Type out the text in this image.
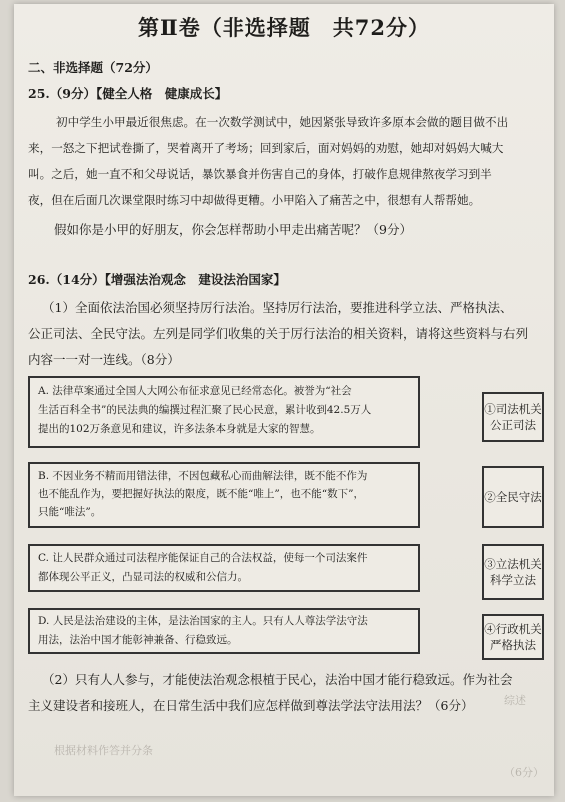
第Ⅱ卷（非选择题　共72分）
二、非选择题（72分）
25.（9分）【健全人格　健康成长】
初中学生小甲最近很焦虑。在一次数学测试中，她因紧张导致许多原本会做的题目做不出
来，一怒之下把试卷撕了，哭着离开了考场；回到家后，面对妈妈的劝慰，她却对妈妈大喊大
叫。之后，她一直不和父母说话，暴饮暴食并伤害自己的身体，打破作息规律熬夜学习到半
夜，但在后面几次课堂限时练习中却做得更糟。小甲陷入了痛苦之中，很想有人帮帮她。
假如你是小甲的好朋友，你会怎样帮助小甲走出痛苦呢？（9分）
26.（14分）【增强法治观念　建设法治国家】
（1）全面依法治国必须坚持厉行法治。坚持厉行法治，要推进科学立法、严格执法、
公正司法、全民守法。左列是同学们收集的关于厉行法治的相关资料，请将这些资料与右列
内容一一对一连线。（8分）
A. 法律草案通过全国人大网公布征求意见已经常态化。被誉为“社会
生活百科全书”的民法典的编撰过程汇聚了民心民意，累计收到42.5万人
提出的102万条意见和建议，许多法条本身就是大家的智慧。
B. 不因业务不精而用错法律，不因包藏私心而曲解法律，既不能不作为
也不能乱作为，要把握好执法的限度，既不能“唯上”，也不能“数下”，
只能“唯法”。
C. 让人民群众通过司法程序能保证自己的合法权益，使每一个司法案件
都体现公平正义，凸显司法的权威和公信力。
D. 人民是法治建设的主体，是法治国家的主人。只有人人尊法学法守法
用法，法治中国才能彰神兼备、行稳致远。
①司法机关
公正司法
②全民守法
③立法机关
科学立法
④行政机关
严格执法
（2）只有人人参与，才能使法治观念根植于民心，法治中国才能行稳致远。作为社会
主义建设者和接班人，在日常生活中我们应怎样做到尊法学法守法用法？（6分）	综述
根据材料作答并分条
（6分）
